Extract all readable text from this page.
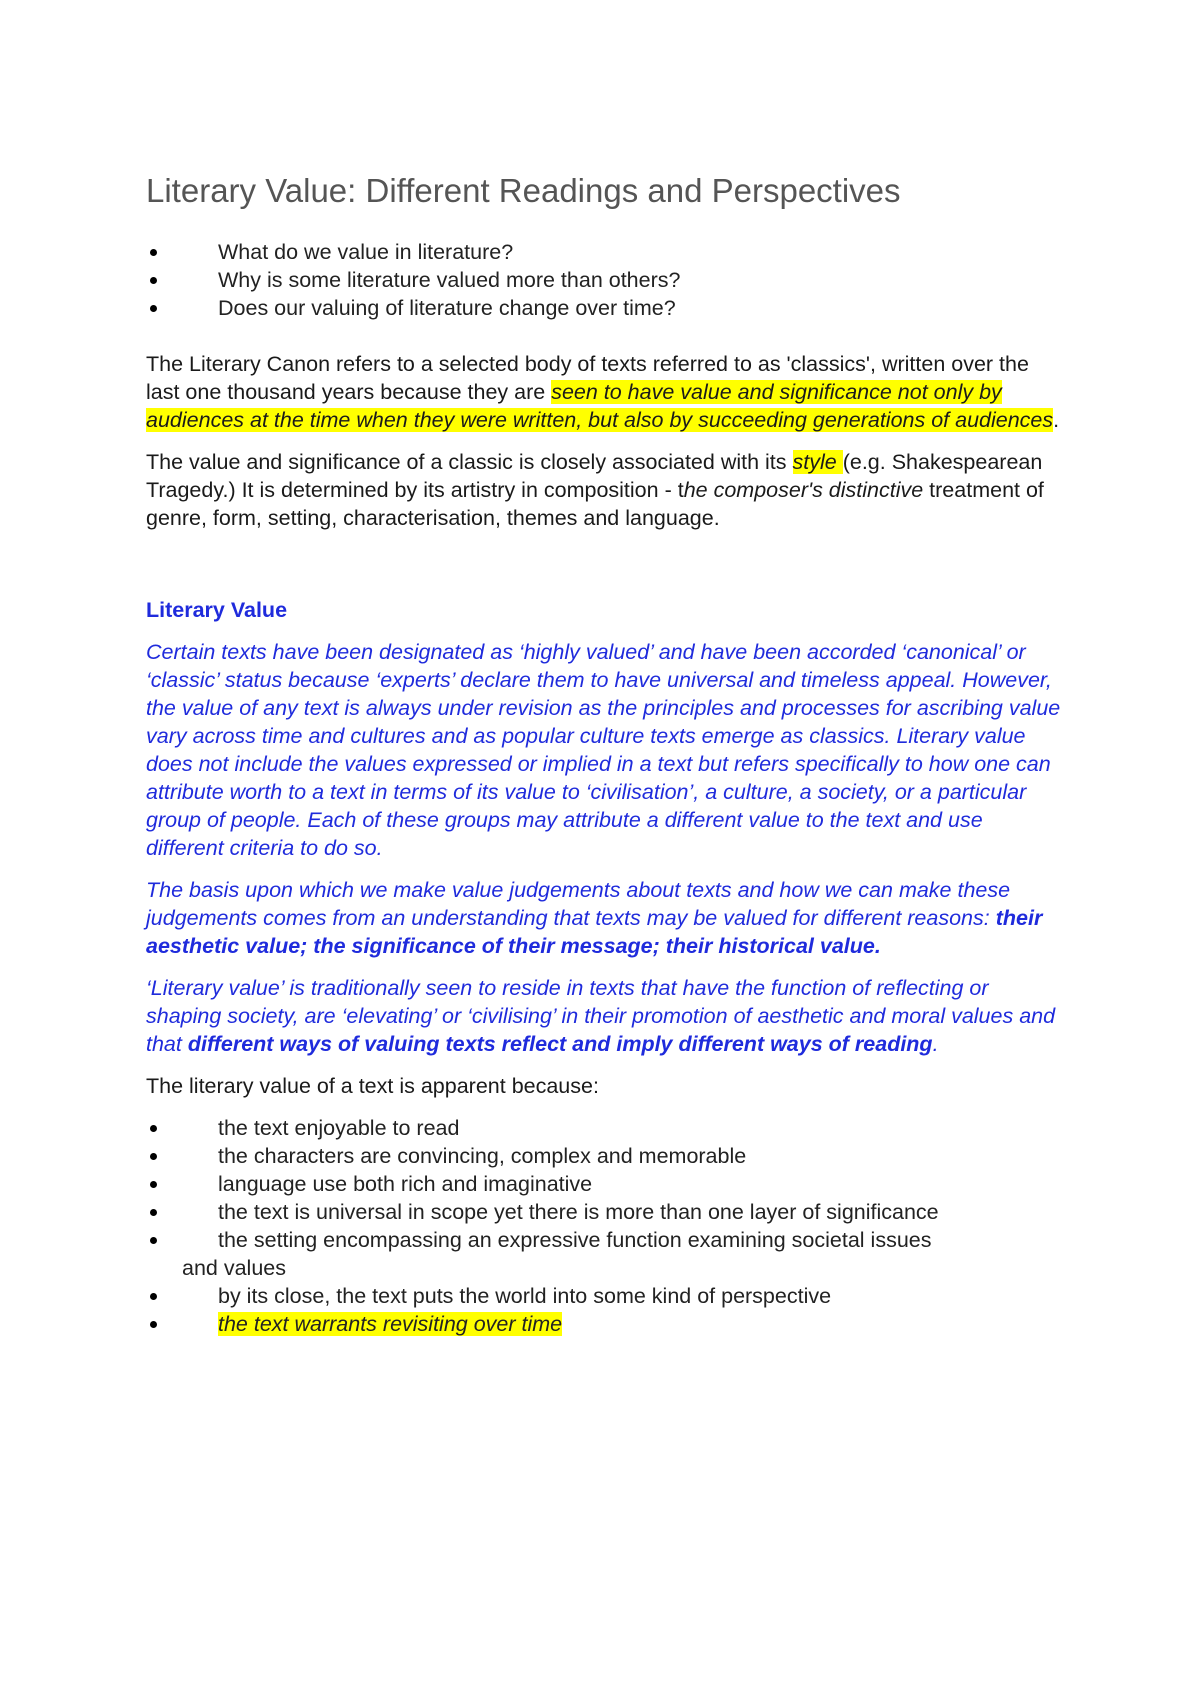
Literary Value: Different Readings and Perspectives
What do we value in literature?
Why is some literature valued more than others?
Does our valuing of literature change over time?

The Literary Canon refers to a selected body of texts referred to as 'classics', written over the last one thousand years because they are seen to have value and significance not only by audiences at the time when they were written, but also by succeeding generations of audiences.

The value and significance of a classic is closely associated with its style (e.g. Shakespearean Tragedy.) It is determined by its artistry in composition - the composer's distinctive treatment of genre, form, setting, characterisation, themes and language.

Literary Value

Certain texts have been designated as ‘highly valued’ and have been accorded ‘canonical’ or ‘classic’ status because ‘experts’ declare them to have universal and timeless appeal. However, the value of any text is always under revision as the principles and processes for ascribing value vary across time and cultures and as popular culture texts emerge as classics. Literary value does not include the values expressed or implied in a text but refers specifically to how one can attribute worth to a text in terms of its value to ‘civilisation’, a culture, a society, or a particular group of people. Each of these groups may attribute a different value to the text and use different criteria to do so.

The basis upon which we make value judgements about texts and how we can make these judgements comes from an understanding that texts may be valued for different reasons: their aesthetic value; the significance of their message; their historical value.

‘Literary value’ is traditionally seen to reside in texts that have the function of reflecting or shaping society, are ‘elevating’ or ‘civilising’ in their promotion of aesthetic and moral values and that different ways of valuing texts reflect and imply different ways of reading.

The literary value of a text is apparent because:

the text enjoyable to read
the characters are convincing, complex and memorable
language use both rich and imaginative
the text is universal in scope yet there is more than one layer of significance
the setting encompassing an expressive function examining societal issues
and values
by its close, the text puts the world into some kind of perspective
the text warrants revisiting over time
